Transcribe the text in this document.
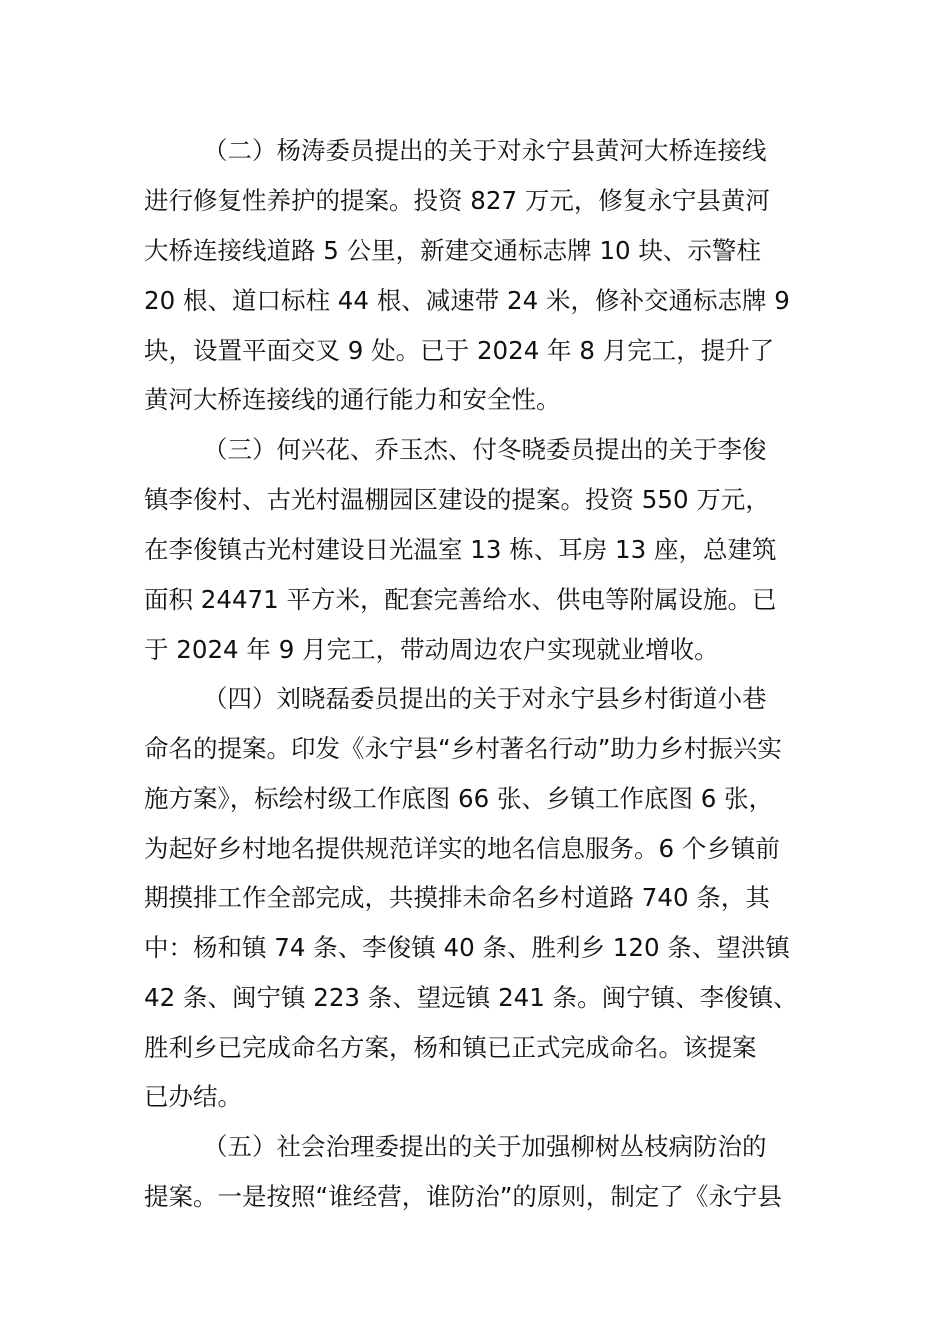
（二）杨涛委员提出的关于对永宁县黄河大桥连接线
进行修复性养护的提案。投资 827 万元，修复永宁县黄河
大桥连接线道路 5 公里，新建交通标志牌 10 块、示警柱
20 根、道口标柱 44 根、减速带 24 米，修补交通标志牌 9
块，设置平面交叉 9 处。已于 2024 年 8 月完工，提升了
黄河大桥连接线的通行能力和安全性。
（三）何兴花、乔玉杰、付冬晓委员提出的关于李俊
镇李俊村、古光村温棚园区建设的提案。投资 550 万元，
在李俊镇古光村建设日光温室 13 栋、耳房 13 座，总建筑
面积 24471 平方米，配套完善给水、供电等附属设施。已
于 2024 年 9 月完工，带动周边农户实现就业增收。
（四）刘晓磊委员提出的关于对永宁县乡村街道小巷
命名的提案。印发《永宁县“乡村著名行动”助力乡村振兴实
施方案》，标绘村级工作底图 66 张、乡镇工作底图 6 张，
为起好乡村地名提供规范详实的地名信息服务。6 个乡镇前
期摸排工作全部完成，共摸排未命名乡村道路 740 条，其
中：杨和镇 74 条、李俊镇 40 条、胜利乡 120 条、望洪镇
42 条、闽宁镇 223 条、望远镇 241 条。闽宁镇、李俊镇、
胜利乡已完成命名方案，杨和镇已正式完成命名。该提案
已办结。
（五）社会治理委提出的关于加强柳树丛枝病防治的
提案。一是按照“谁经营，谁防治”的原则，制定了《永宁县
